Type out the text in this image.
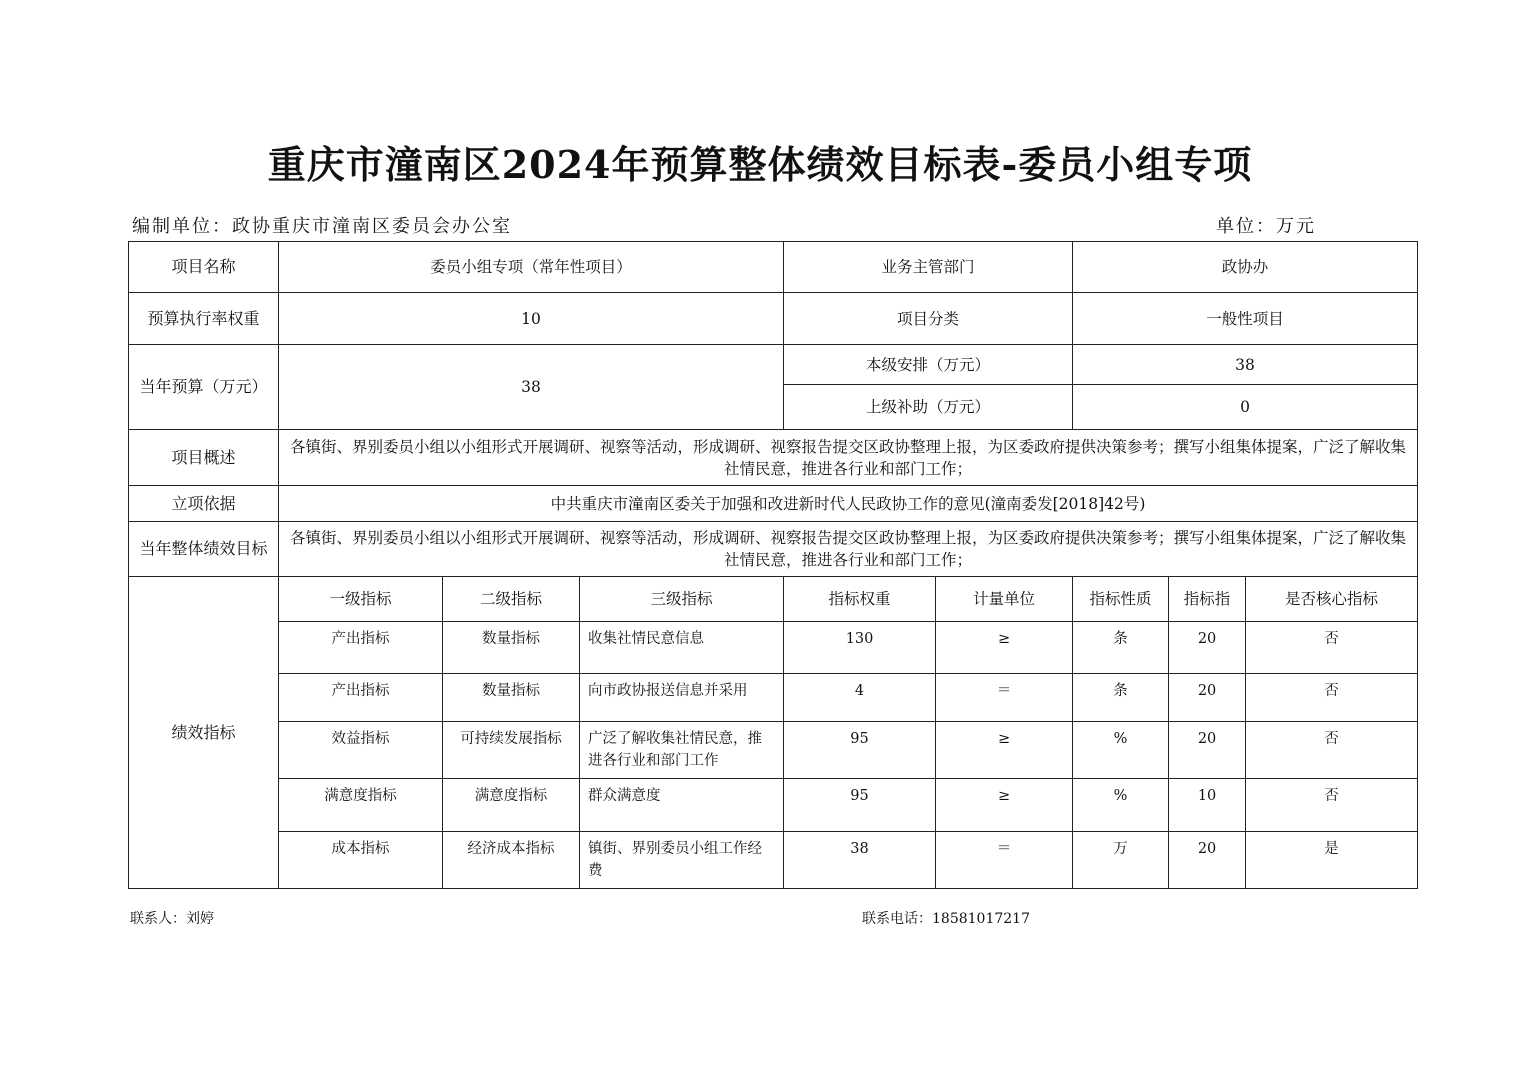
重庆市潼南区2024年预算整体绩效目标表-委员小组专项
编制单位：政协重庆市潼南区委员会办公室	单位：万元
项目名称	委员小组专项（常年性项目）			业务主管部门		政协办		
预算执行率权重	10			项目分类		一般性项目		
当年预算（万元）	38			本级安排（万元）		38		
				上级补助（万元）		0		
项目概述	各镇街、界别委员小组以小组形式开展调研、视察等活动，形成调研、视察报告提交区政协整理上报，为区委政府提供决策参考；撰写小组集体提案，广泛了解收集社情民意，推进各行业和部门工作；							
立项依据	中共重庆市潼南区委关于加强和改进新时代人民政协工作的意见(潼南委发[2018]42号)							
当年整体绩效目标	各镇街、界别委员小组以小组形式开展调研、视察等活动，形成调研、视察报告提交区政协整理上报，为区委政府提供决策参考；撰写小组集体提案，广泛了解收集社情民意，推进各行业和部门工作；							
绩效指标	一级指标	二级指标	三级指标	指标权重	计量单位	指标性质	指标指	是否核心指标
	产出指标	数量指标	收集社情民意信息	130	≥	条	20	否
	产出指标	数量指标	向市政协报送信息并采用	4	＝	条	20	否
	效益指标	可持续发展指标	广泛了解收集社情民意，推进各行业和部门工作	95	≥	%	20	否
	满意度指标	满意度指标	群众满意度	95	≥	%	10	否
	成本指标	经济成本指标	镇街、界别委员小组工作经费	38	＝	万	20	是
联系人：刘婷	联系电话：18581017217
